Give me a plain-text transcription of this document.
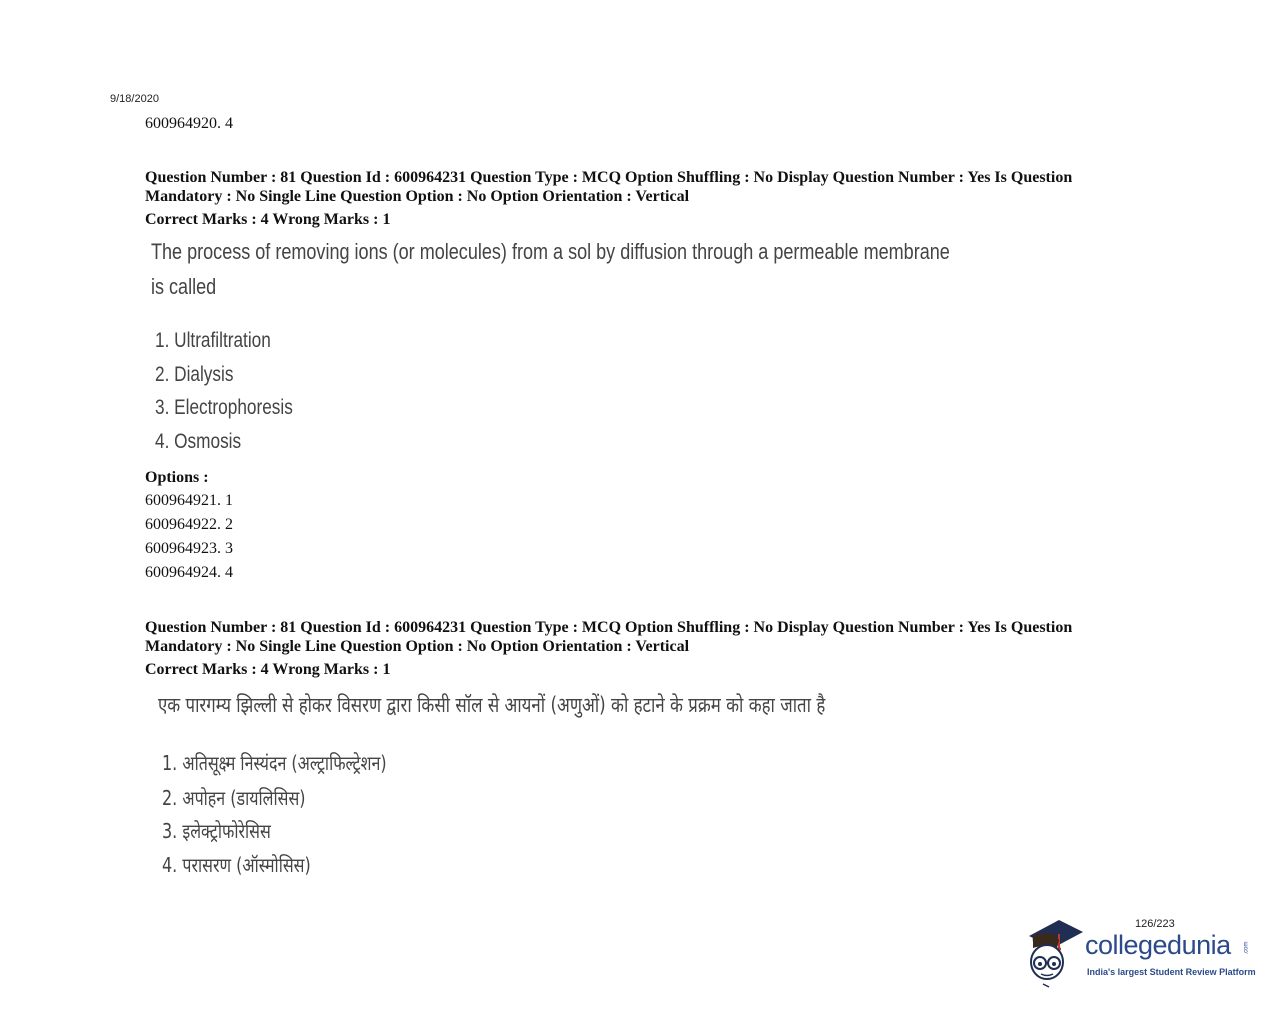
9/18/2020
600964920. 4
Question Number : 81 Question Id : 600964231 Question Type : MCQ Option Shuffling : No Display Question Number : Yes Is Question
Mandatory : No Single Line Question Option : No Option Orientation : Vertical
Correct Marks : 4 Wrong Marks : 1
The process of removing ions (or molecules) from a sol by diffusion through a permeable membrane
is called
1. Ultrafiltration
2. Dialysis
3. Electrophoresis
4. Osmosis
Options :
600964921. 1
600964922. 2
600964923. 3
600964924. 4
Question Number : 81 Question Id : 600964231 Question Type : MCQ Option Shuffling : No Display Question Number : Yes Is Question
Mandatory : No Single Line Question Option : No Option Orientation : Vertical
Correct Marks : 4 Wrong Marks : 1
एक पारगम्य झिल्ली से होकर विसरण द्वारा किसी सॉल से आयनों (अणुओं) को हटाने के प्रक्रम को कहा जाता है
1. अतिसूक्ष्म निस्यंदन (अल्ट्राफिल्ट्रेशन)
2. अपोहन (डायलिसिस)
3. इलेक्ट्रोफोरेसिस
4. परासरण (ऑस्मोसिस)
126/223
collegedunia .com
India's largest Student Review Platform
